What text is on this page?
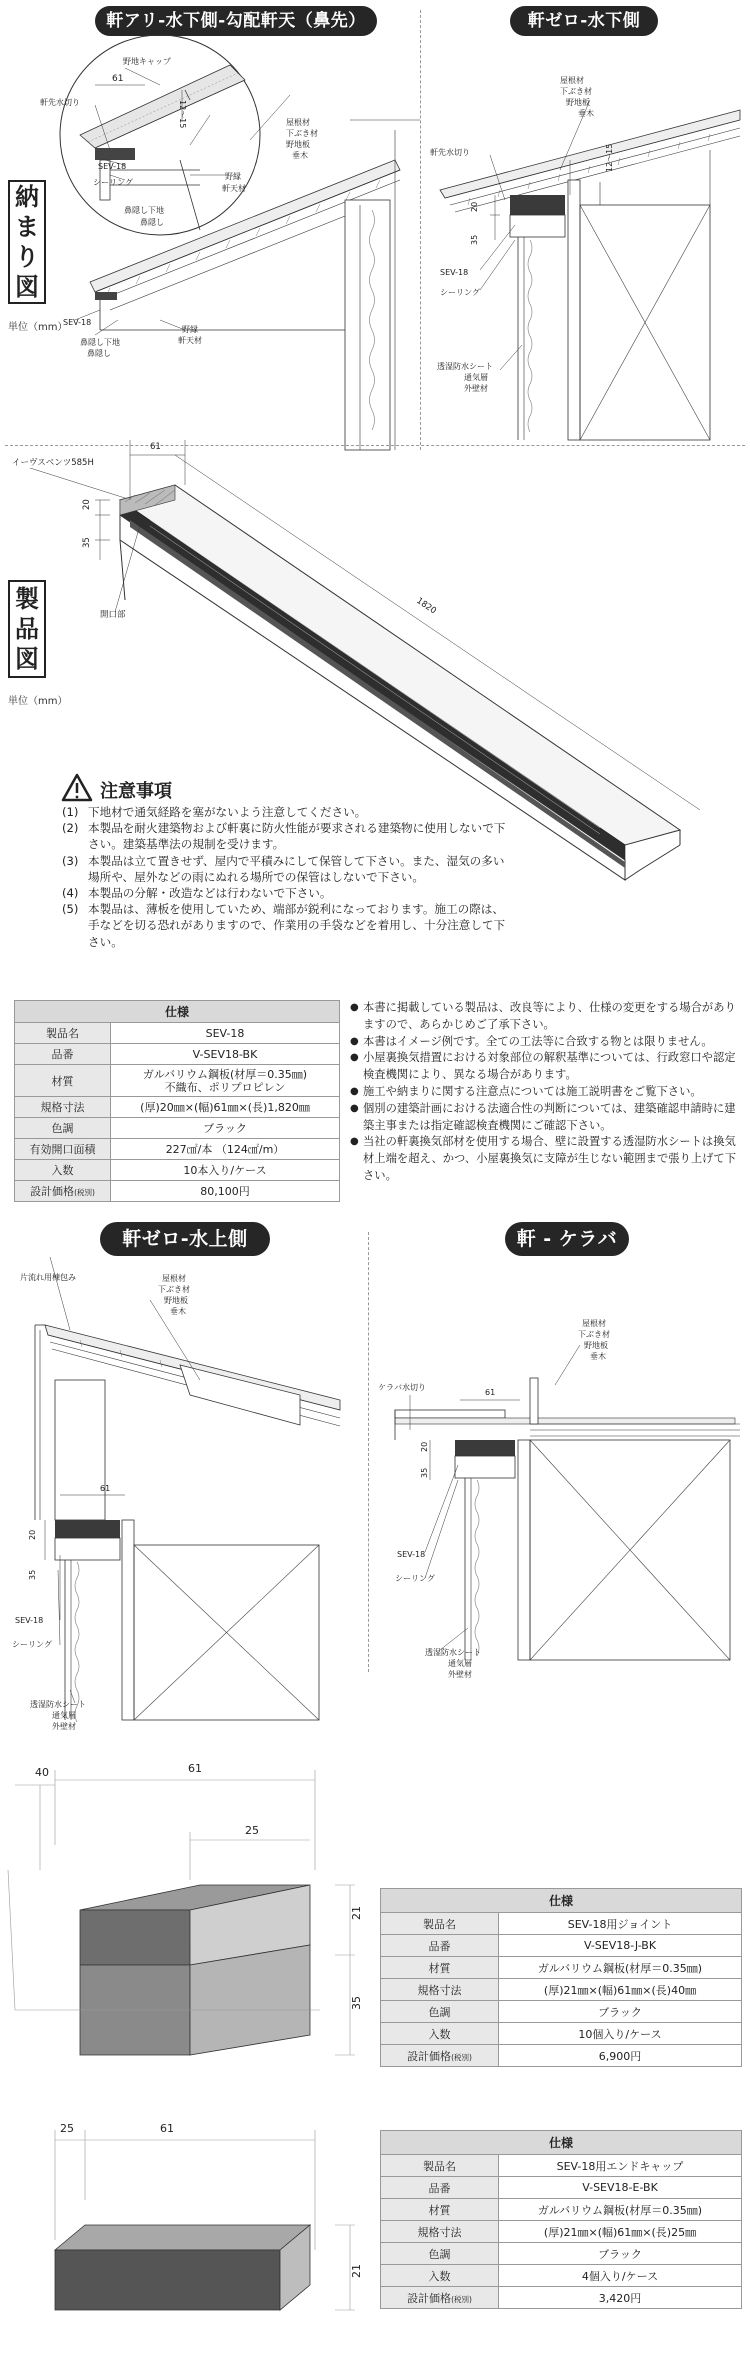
軒アリ-水下側-勾配軒天（鼻先）	軒ゼロ-水下側
納
ま
り
図
単位（mm）
野地キャップ
61
軒先水切り	12〜15
SEV-18
シーリング
鼻隠し下地
鼻隠し
野縁
軒天材
屋根材
下ぶき材
野地板
垂木
SEV-18
鼻隠し下地
鼻隠し
野縁
軒天材
屋根材
下ぶき材
野地板
垂木
軒先水切り	12〜15
20
35
SEV-18
シーリング
透湿防水シート
通気層
外壁材
製
品
図
単位（mm）
イーヴスベンツ585H
61
20
35
1820
開口部
注意事項
(1) 下地材で通気経路を塞がないよう注意してください。
(2) 本製品を耐火建築物および軒裏に防火性能が要求される建築物に使用しないで下さい。建築基準法の規制を受けます。
(3) 本製品は立て置きせず、屋内で平積みにして保管して下さい。また、湿気の多い場所や、屋外などの雨にぬれる場所での保管はしないで下さい。
(4) 本製品の分解・改造などは行わないで下さい。
(5) 本製品は、薄板を使用していため、端部が鋭利になっております。施工の際は、手などを切る恐れがありますので、作業用の手袋などを着用し、十分注意して下さい。
仕様	
製品名	SEV-18
品番	V-SEV18-BK
材質	ガルバリウム鋼板(材厚＝0.35㎜)
不織布、ポリプロピレン

規格寸法	(厚)20㎜×(幅)61㎜×(長)1,820㎜
色調	ブラック
有効開口面積	227㎠/本 （124㎠/m）
入数	10本入り/ケース
設計価格(税別)	80,100円
● 本書に掲載している製品は、改良等により、仕様の変更をする場合がありますので、あらかじめご了承下さい。
● 本書はイメージ例です。全ての工法等に合致する物とは限りません。
● 小屋裏換気措置における対象部位の解釈基準については、行政窓口や認定検査機関により、異なる場合があります。
● 施工や納まりに関する注意点については施工説明書をご覧下さい。
● 個別の建築計画における法適合性の判断については、建築確認申請時に建築主事または指定確認検査機関にご確認下さい。
● 当社の軒裏換気部材を使用する場合、壁に設置する透湿防水シートは換気材上端を超え、かつ、小屋裏換気に支障が生じない範囲まで張り上げて下さい。
軒ゼロ-水上側	軒 - ケラバ
片流れ用棟包み	屋根材
下ぶき材
野地板
垂木
61
20
35
SEV-18
シーリング
透湿防水シート
通気層
外壁材
屋根材
下ぶき材
野地板
垂木
ケラバ水切り
61
20
35
SEV-18
シーリング
透湿防水シート
通気層
外壁材
40	61
25
21
35
仕様	
製品名	SEV-18用ジョイント
品番	V-SEV18-J-BK
材質	ガルバリウム鋼板(材厚＝0.35㎜)
規格寸法	(厚)21㎜×(幅)61㎜×(長)40㎜
色調	ブラック
入数	10個入り/ケース
設計価格(税別)	6,900円
25	61
21
仕様	
製品名	SEV-18用エンドキャップ
品番	V-SEV18-E-BK
材質	ガルバリウム鋼板(材厚＝0.35㎜)
規格寸法	(厚)21㎜×(幅)61㎜×(長)25㎜
色調	ブラック
入数	4個入り/ケース
設計価格(税別)	3,420円
